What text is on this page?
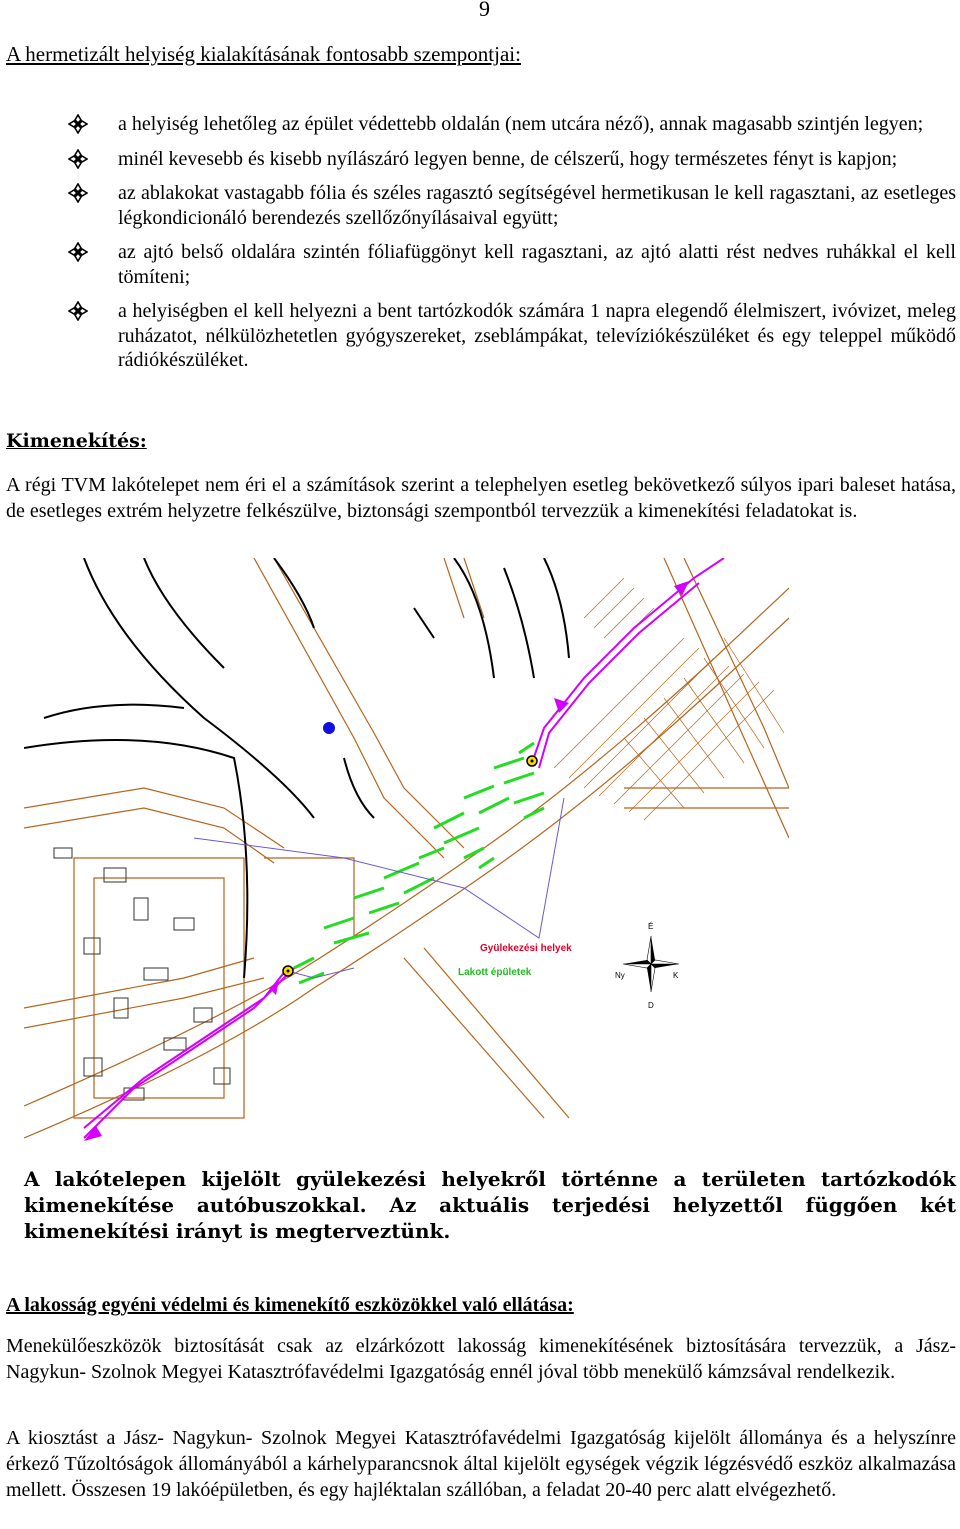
9
A hermetizált helyiség kialakításának fontosabb szempontjai:
a helyiség lehetőleg az épület védettebb oldalán (nem utcára néző), annak magasabb szintjén legyen;
minél kevesebb és kisebb nyílászáró legyen benne, de célszerű, hogy természetes fényt is kapjon;
az ablakokat vastagabb fólia és széles ragasztó segítségével hermetikusan le kell ragasztani, az esetleges légkondicionáló berendezés szellőzőnyílásaival együtt;
az ajtó belső oldalára szintén fóliafüggönyt kell ragasztani, az ajtó alatti rést nedves ruhákkal el kell tömíteni;
a helyiségben el kell helyezni a bent tartózkodók számára 1 napra elegendő élelmiszert, ivóvizet, meleg ruházatot, nélkülözhetetlen gyógyszereket, zseblámpákat, televíziókészüléket és egy teleppel működő rádiókészüléket.
Kimenekítés:
A régi TVM lakótelepet nem éri el a számítások szerint a telephelyen esetleg bekövetkező súlyos ipari baleset hatása, de esetleges extrém helyzetre felkészülve, biztonsági szempontból tervezzük a kimenekítési feladatokat is.
Gyülekezési helyek
Lakott épületek
É
D
K
Ny
A lakótelepen kijelölt gyülekezési helyekről történne a területen tartózkodók kimenekítése autóbuszokkal. Az aktuális terjedési helyzettől függően két kimenekítési irányt is megterveztünk.
A lakosság egyéni védelmi és kimenekítő eszközökkel való ellátása:
Menekülőeszközök biztosítását csak az elzárkózott lakosság kimenekítésének biztosítására tervezzük, a Jász- Nagykun- Szolnok Megyei Katasztrófavédelmi Igazgatóság ennél jóval több menekülő kámzsával rendelkezik.
A kiosztást a Jász- Nagykun- Szolnok Megyei Katasztrófavédelmi Igazgatóság kijelölt állománya és a helyszínre érkező Tűzoltóságok állományából a kárhelyparancsnok által kijelölt egységek végzik légzésvédő eszköz alkalmazása mellett. Összesen 19 lakóépületben, és egy hajléktalan szállóban, a feladat 20-40 perc alatt elvégezhető.
